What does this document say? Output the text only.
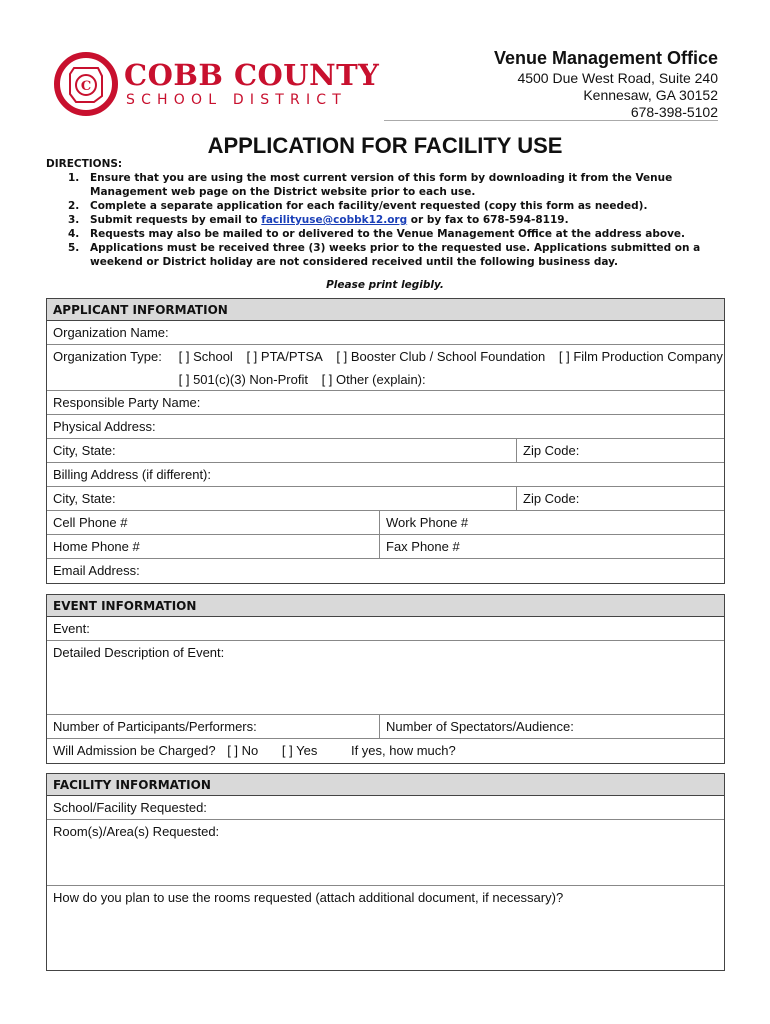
C COBB COUNTY
SCHOOL DISTRICT
Venue Management Office
4500 Due West Road, Suite 240
Kennesaw, GA 30152
678-398-5102
APPLICATION FOR FACILITY USE
DIRECTIONS:
1. Ensure that you are using the most current version of this form by downloading it from the Venue Management web page on the District website prior to each use.
2. Complete a separate application for each facility/event requested (copy this form as needed).
3. Submit requests by email to facilityuse@cobbk12.org or by fax to 678-594-8119.
4. Requests may also be mailed to or delivered to the Venue Management Office at the address above.
5. Applications must be received three (3) weeks prior to the requested use. Applications submitted on a weekend or District holiday are not considered received until the following business day.
Please print legibly.
APPLICANT INFORMATION
Organization Name:
Organization Type: [ ] School [ ] PTA/PTSA [ ] Booster Club / School Foundation [ ] Film Production Company
[ ] 501(c)(3) Non-Profit [ ] Other (explain):
Responsible Party Name:
Physical Address:
City, State:	Zip Code:
Billing Address (if different):
City, State:	Zip Code:
Cell Phone #	Work Phone #
Home Phone #	Fax Phone #
Email Address:
EVENT INFORMATION
Event:
Detailed Description of Event:
Number of Participants/Performers:	Number of Spectators/Audience:
Will Admission be Charged? [ ] No [ ] Yes	If yes, how much?
FACILITY INFORMATION
School/Facility Requested:
Room(s)/Area(s) Requested:
How do you plan to use the rooms requested (attach additional document, if necessary)?
